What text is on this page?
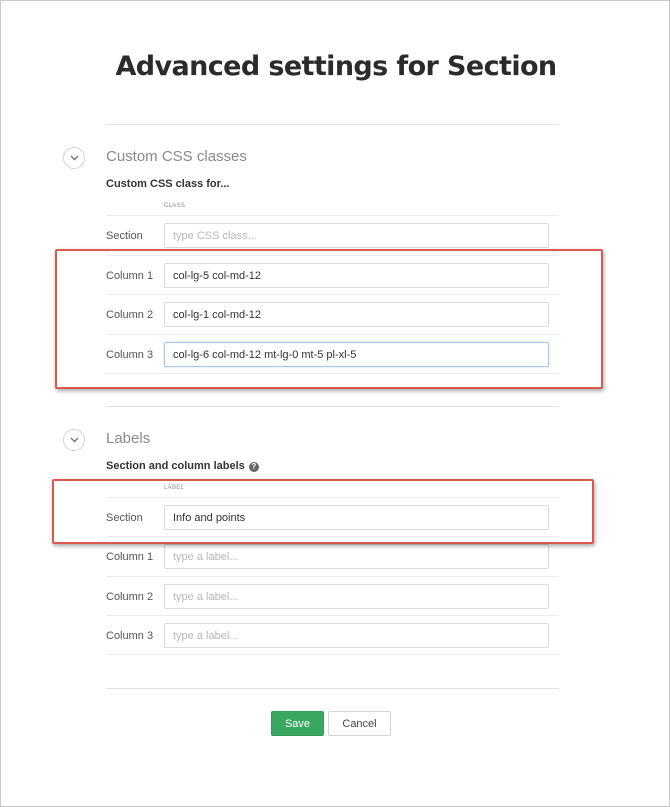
Advanced settings for Section
Custom CSS classes
Custom CSS class for...
CLASS
Section
type CSS class...
Column 1
col-lg-5 col-md-12
Column 2
col-lg-1 col-md-12
Column 3
col-lg-6 col-md-12 mt-lg-0 mt-5 pl-xl-5
Labels
Section and column labels ?
LABEL
Section
Info and points
Column 1
type a label...
Column 2
type a label...
Column 3
type a label...
Save	Cancel
